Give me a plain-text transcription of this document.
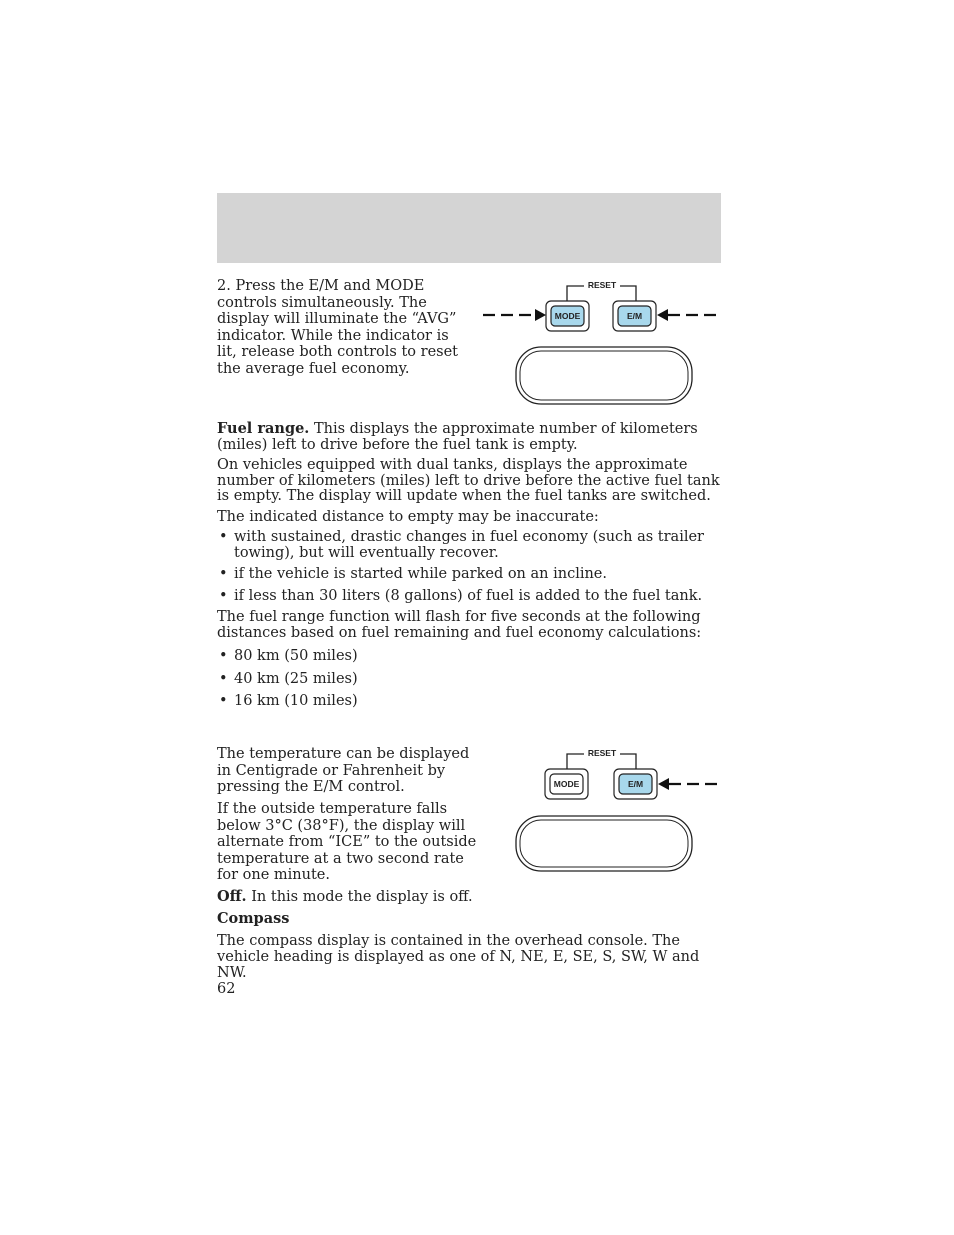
2. Press the E/M and MODE controls simultaneously. The display will illuminate the “AVG” indicator. While the indicator is lit, release both controls to reset the average fuel economy.

RESET
MODE	E/M

Fuel range. This displays the approximate number of kilometers (miles) left to drive before the fuel tank is empty.

On vehicles equipped with dual tanks, displays the approximate number of kilometers (miles) left to drive before the active fuel tank is empty. The display will update when the fuel tanks are switched.

The indicated distance to empty may be inaccurate:

• with sustained, drastic changes in fuel economy (such as trailer towing), but will eventually recover.
• if the vehicle is started while parked on an incline.
• if less than 30 liters (8 gallons) of fuel is added to the fuel tank.

The fuel range function will flash for five seconds at the following distances based on fuel remaining and fuel economy calculations:

• 80 km (50 miles)
• 40 km (25 miles)
• 16 km (10 miles)

The temperature can be displayed in Centigrade or Fahrenheit by pressing the E/M control.

If the outside temperature falls below 3°C (38°F), the display will alternate from “ICE” to the outside temperature at a two second rate for one minute.

RESET
MODE	E/M

Off. In this mode the display is off.

Compass

The compass display is contained in the overhead console. The vehicle heading is displayed as one of N, NE, E, SE, S, SW, W and NW.

62
